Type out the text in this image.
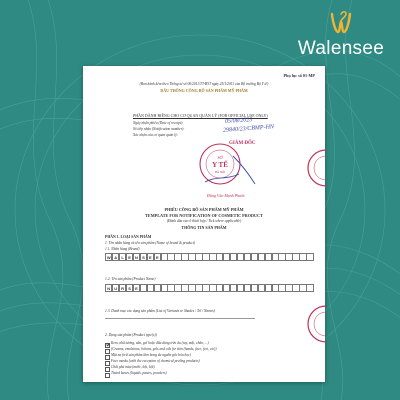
Walensee
Phụ lục số 01-MP
(Ban hành kèm theo Thông tư số 06/2011/TT-BYT ngày 25/1/2011 của Bộ trưởng Bộ Y tế)
DẤU THÔNG CÔNG BỐ SẢN PHẨM MỸ PHẨM
PHẦN DÀNH RIÊNG CHO CƠ QUAN QUẢN LÝ (FOR OFFICIAL USE ONLY)
Ngày nhận phiếu (Date of receipt):	05/08/2023
Số tiếp nhận (Notification number):	29840/23/CBMP-HN
Xác nhận của cơ quan quản lý:
GIÁM ĐỐC
SỞ
Y TẾ
HÀ NỘI
Đặng Văn Mạnh Phước
PHIẾU CÔNG BỐ SẢN PHẨM MỸ PHẨM
TEMPLATE FOR NOTIFICATION OF COSMETIC PRODUCT
(Đánh dấu vào ô thích hợp / Tick where applicable)
THÔNG TIN SẢN PHẨM
PHẦN 1. LOẠI SẢN PHẨM
1. Tên nhãn hàng và tên sản phẩm (Name of brand & product)
1.1. Nhãn hàng (Brand)
W A	L	E	N	S	E	E
1.2. Tên sản phẩm (Product Name)
N	U	R	S	E
1.3. Danh mục các dạng sản phẩm (List of Variants or Shades / Tel / Names)
2. Dạng sản phẩm (Product type(s))
Kem, nhũ tương, sữa, gel hoặc dầu dùng trên da (tay, mặt, chân, ...)
(Creams, emulsions, lotions, gels and oils for skin (hands, face, feet, etc))
Mặt nạ (trừ sản phẩm làm bong da nguồn gốc hóa học)
Face masks (with the exception of chemical peeling products)
Chất phủ màu (nước, bột, bột)
Tinted bases (liquids, pastes, powders)
